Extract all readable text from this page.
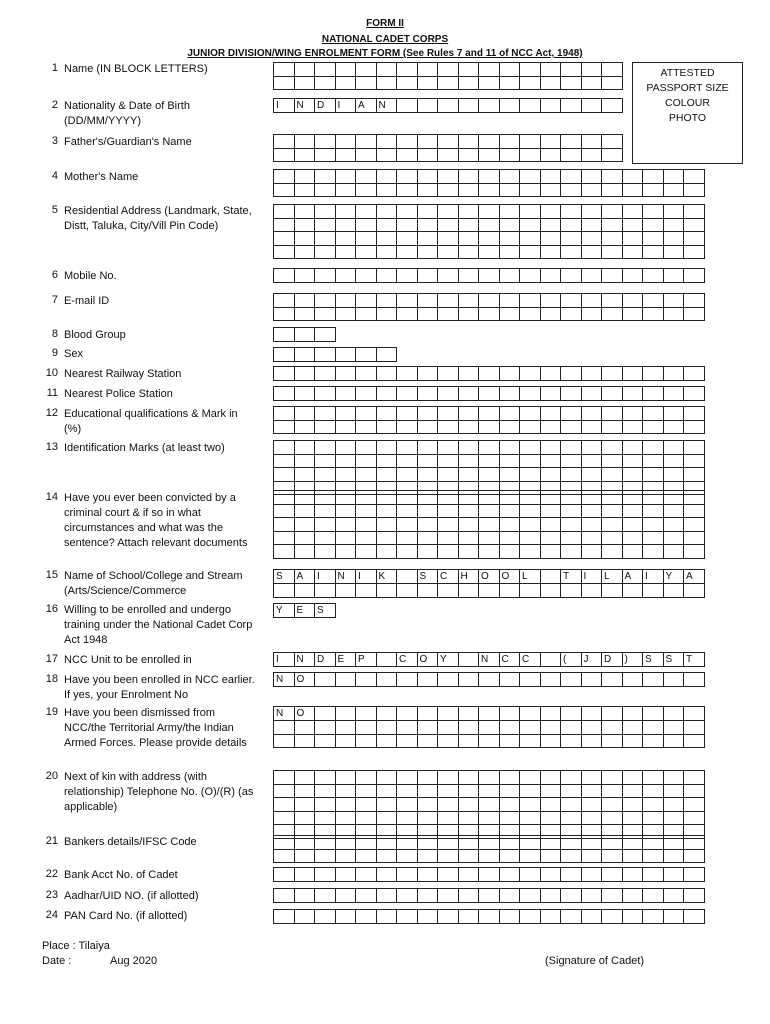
FORM II
NATIONAL CADET CORPS
JUNIOR DIVISION/WING ENROLMENT FORM (See Rules 7 and 11 of NCC Act, 1948)
ATTESTED
PASSPORT SIZE
COLOUR
PHOTO
1 Name (IN BLOCK LETTERS)

2 Nationality & Date of Birth (DD/MM/YYYY)
I	N	D	I	A	N											
3 Father's/Guardian's Name

4 Mother's Name

5 Residential Address (Landmark, State, Distt, Taluka, City/Vill Pin Code)

6 Mobile No.

7 E-mail ID

8 Blood Group

9 Sex

10 Nearest Railway Station

11 Nearest Police Station

12 Educational qualifications & Mark in (%)

13 Identification Marks (at least two)

14 Have you ever been convicted by a criminal court & if so in what circumstances and what was the sentence? Attach relevant documents

15 Name of School/College and Stream (Arts/Science/Commerce
S	A	I	N	I	K		S	C	H	O	O	L		T	I	L	A	I	Y	A

16 Willing to be enrolled and undergo training under the National Cadet Corp Act 1948
Y	E	S
17 NCC Unit to be enrolled in	I	N	D	E	P		C	O	Y		N	C	C		(	J	D	)	S	S	T
18 Have you been enrolled in NCC earlier. If yes, your Enrolment No
N	O																			
19 Have you been dismissed from NCC/the Territorial Army/the Indian Armed Forces. Please provide details
N	O																			

20 Next of kin with address (with relationship) Telephone No. (O)/(R) (as applicable)

21 Bankers details/IFSC Code

22 Bank Acct No. of Cadet

23 Aadhar/UID NO. (if allotted)

24 PAN Card No. (if allotted)

Place : Tilaiya
Date :	Aug 2020	(Signature of Cadet)
